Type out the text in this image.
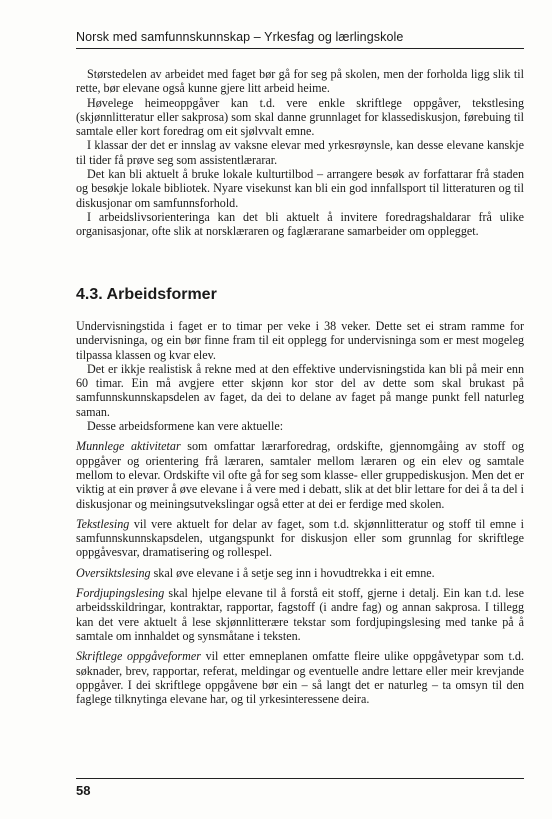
Norsk med samfunnskunnskap – Yrkesfag og lærlingskole

Størstedelen av arbeidet med faget bør gå for seg på skolen, men der forholda ligg slik til rette, bør elevane også kunne gjere litt arbeid heime.

Høvelege heimeoppgåver kan t.d. vere enkle skriftlege oppgåver, tekstlesing (skjønnlitteratur eller sakprosa) som skal danne grunnlaget for klassediskusjon, førebuing til samtale eller kort foredrag om eit sjølvvalt emne.

I klassar der det er innslag av vaksne elevar med yrkesrøynsle, kan desse elevane kanskje til tider få prøve seg som assistentlærarar.

Det kan bli aktuelt å bruke lokale kulturtilbod – arrangere besøk av forfattarar frå staden og besøkje lokale bibliotek. Nyare visekunst kan bli ein god innfallsport til litteraturen og til diskusjonar om samfunnsforhold.

I arbeidslivsorienteringa kan det bli aktuelt å invitere foredragshaldarar frå ulike organisasjonar, ofte slik at norsklæraren og faglærarane samarbeider om opplegget.

4.3. Arbeidsformer

Undervisningstida i faget er to timar per veke i 38 veker. Dette set ei stram ramme for undervisninga, og ein bør finne fram til eit opplegg for undervisninga som er mest mogeleg tilpassa klassen og kvar elev.

Det er ikkje realistisk å rekne med at den effektive undervisningstida kan bli på meir enn 60 timar. Ein må avgjere etter skjønn kor stor del av dette som skal brukast på samfunnskunnskapsdelen av faget, da dei to delane av faget på mange punkt fell naturleg saman.

Desse arbeidsformene kan vere aktuelle:

Munnlege aktivitetar som omfattar lærarforedrag, ordskifte, gjennomgåing av stoff og oppgåver og orientering frå læraren, samtaler mellom læraren og ein elev og samtale mellom to elevar. Ordskifte vil ofte gå for seg som klasse- eller gruppediskusjon. Men det er viktig at ein prøver å øve elevane i å vere med i debatt, slik at det blir lettare for dei å ta del i diskusjonar og meiningsutvekslingar også etter at dei er ferdige med skolen.

Tekstlesing vil vere aktuelt for delar av faget, som t.d. skjønnlitteratur og stoff til emne i samfunnskunnskapsdelen, utgangspunkt for diskusjon eller som grunnlag for skriftlege oppgåvesvar, dramatisering og rollespel.

Oversiktslesing skal øve elevane i å setje seg inn i hovudtrekka i eit emne.

Fordjupingslesing skal hjelpe elevane til å forstå eit stoff, gjerne i detalj. Ein kan t.d. lese arbeidsskildringar, kontraktar, rapportar, fagstoff (i andre fag) og annan sakprosa. I tillegg kan det vere aktuelt å lese skjønnlitterære tekstar som fordjupingslesing med tanke på å samtale om innhaldet og synsmåtane i teksten.

Skriftlege oppgåveformer vil etter emneplanen omfatte fleire ulike oppgåvetypar som t.d. søknader, brev, rapportar, referat, meldingar og eventuelle andre lettare eller meir krevjande oppgåver. I dei skriftlege oppgåvene bør ein – så langt det er naturleg – ta omsyn til den faglege tilknytinga elevane har, og til yrkesinteressene deira.

58
